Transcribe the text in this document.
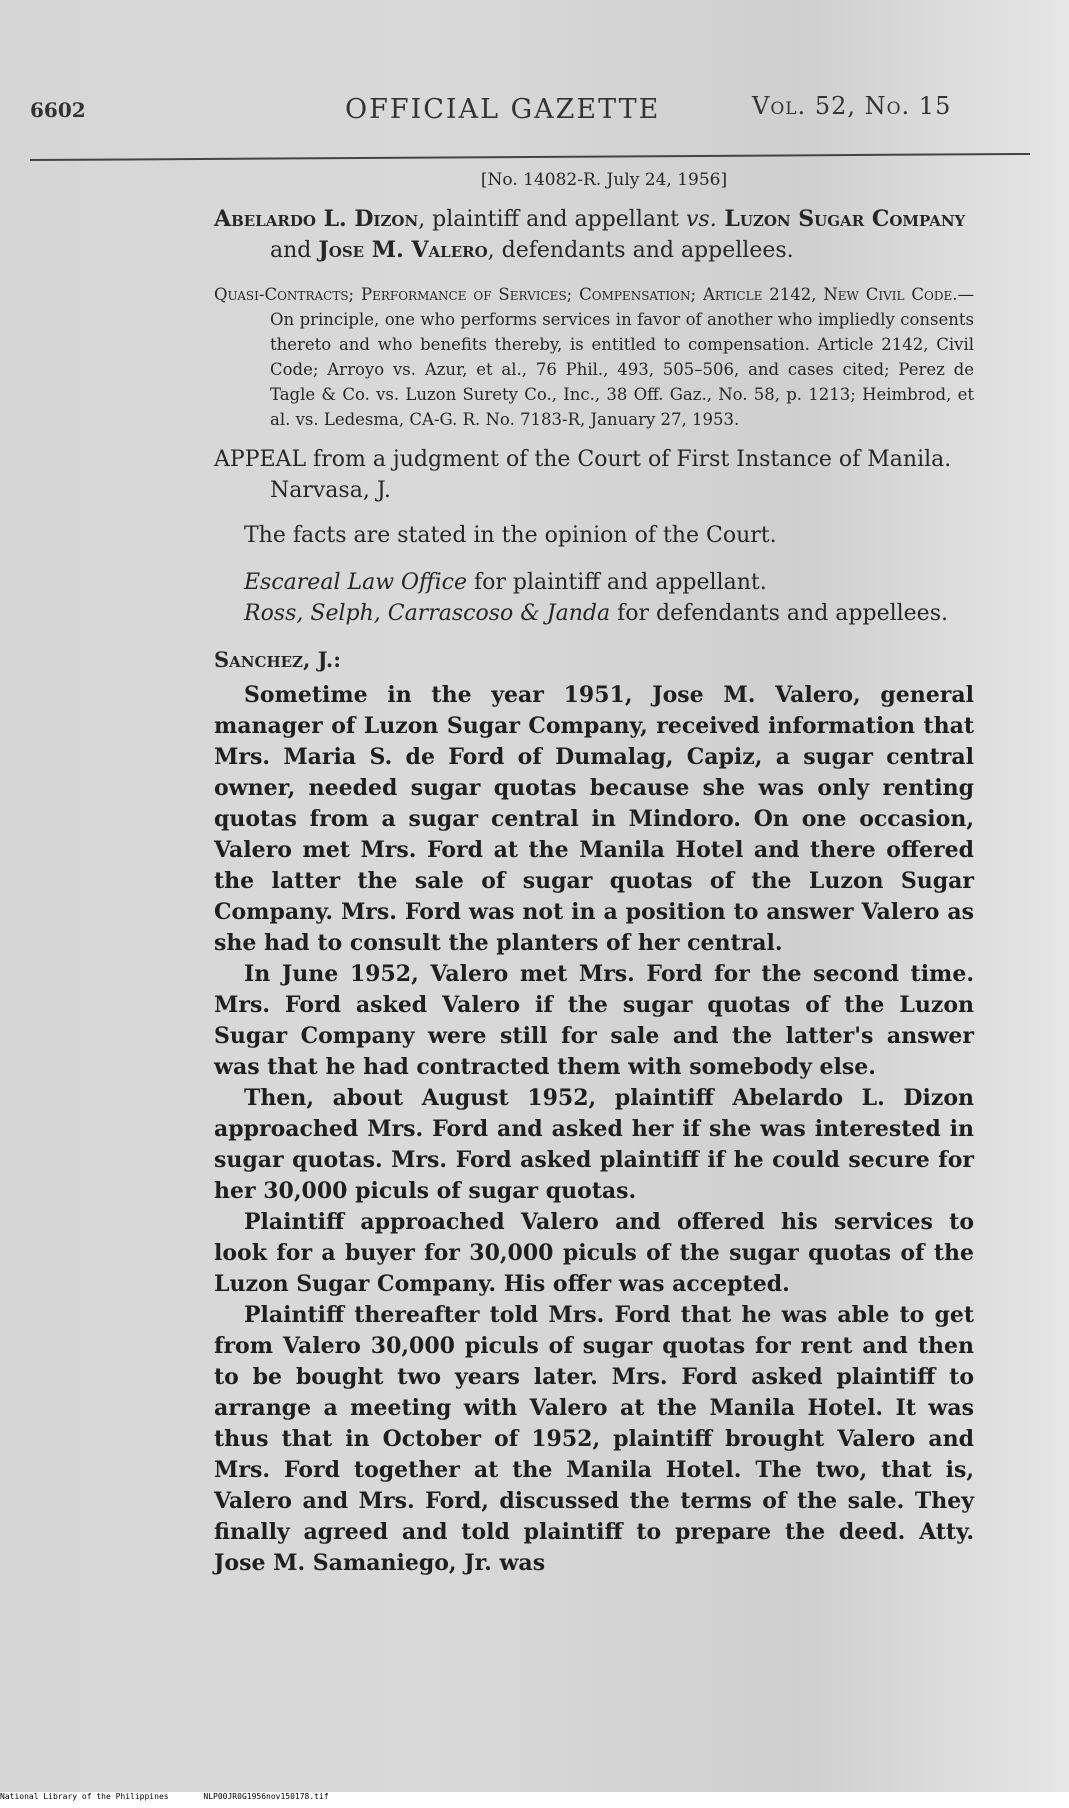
6602	OFFICIAL GAZETTE	Vol. 52, No. 15

[No. 14082-R. July 24, 1956]

Abelardo L. Dizon, plaintiff and appellant vs. Luzon Sugar Company and Jose M. Valero, defendants and appellees.

Quasi-Contracts; Performance of Services; Compensation; Article 2142, New Civil Code.—On principle, one who performs services in favor of another who impliedly consents thereto and who benefits thereby, is entitled to compensation. Article 2142, Civil Code; Arroyo vs. Azur, et al., 76 Phil., 493, 505–506, and cases cited; Perez de Tagle & Co. vs. Luzon Surety Co., Inc., 38 Off. Gaz., No. 58, p. 1213; Heimbrod, et al. vs. Ledesma, CA-G. R. No. 7183-R, January 27, 1953.

APPEAL from a judgment of the Court of First Instance of Manila. Narvasa, J.

The facts are stated in the opinion of the Court.

Escareal Law Office for plaintiff and appellant.

Ross, Selph, Carrascoso & Janda for defendants and appellees.

Sanchez, J.:

Sometime in the year 1951, Jose M. Valero, general manager of Luzon Sugar Company, received information that Mrs. Maria S. de Ford of Dumalag, Capiz, a sugar central owner, needed sugar quotas because she was only renting quotas from a sugar central in Mindoro. On one occasion, Valero met Mrs. Ford at the Manila Hotel and there offered the latter the sale of sugar quotas of the Luzon Sugar Company. Mrs. Ford was not in a position to answer Valero as she had to consult the planters of her central.

In June 1952, Valero met Mrs. Ford for the second time. Mrs. Ford asked Valero if the sugar quotas of the Luzon Sugar Company were still for sale and the latter's answer was that he had contracted them with somebody else.

Then, about August 1952, plaintiff Abelardo L. Dizon approached Mrs. Ford and asked her if she was interested in sugar quotas. Mrs. Ford asked plaintiff if he could secure for her 30,000 piculs of sugar quotas.

Plaintiff approached Valero and offered his services to look for a buyer for 30,000 piculs of the sugar quotas of the Luzon Sugar Company. His offer was accepted.

Plaintiff thereafter told Mrs. Ford that he was able to get from Valero 30,000 piculs of sugar quotas for rent and then to be bought two years later. Mrs. Ford asked plaintiff to arrange a meeting with Valero at the Manila Hotel. It was thus that in October of 1952, plaintiff brought Valero and Mrs. Ford together at the Manila Hotel. The two, that is, Valero and Mrs. Ford, discussed the terms of the sale. They finally agreed and told plaintiff to prepare the deed. Atty. Jose M. Samaniego, Jr. was

National Library of the Philippines	NLP00JR0G1956nov150178.tif
